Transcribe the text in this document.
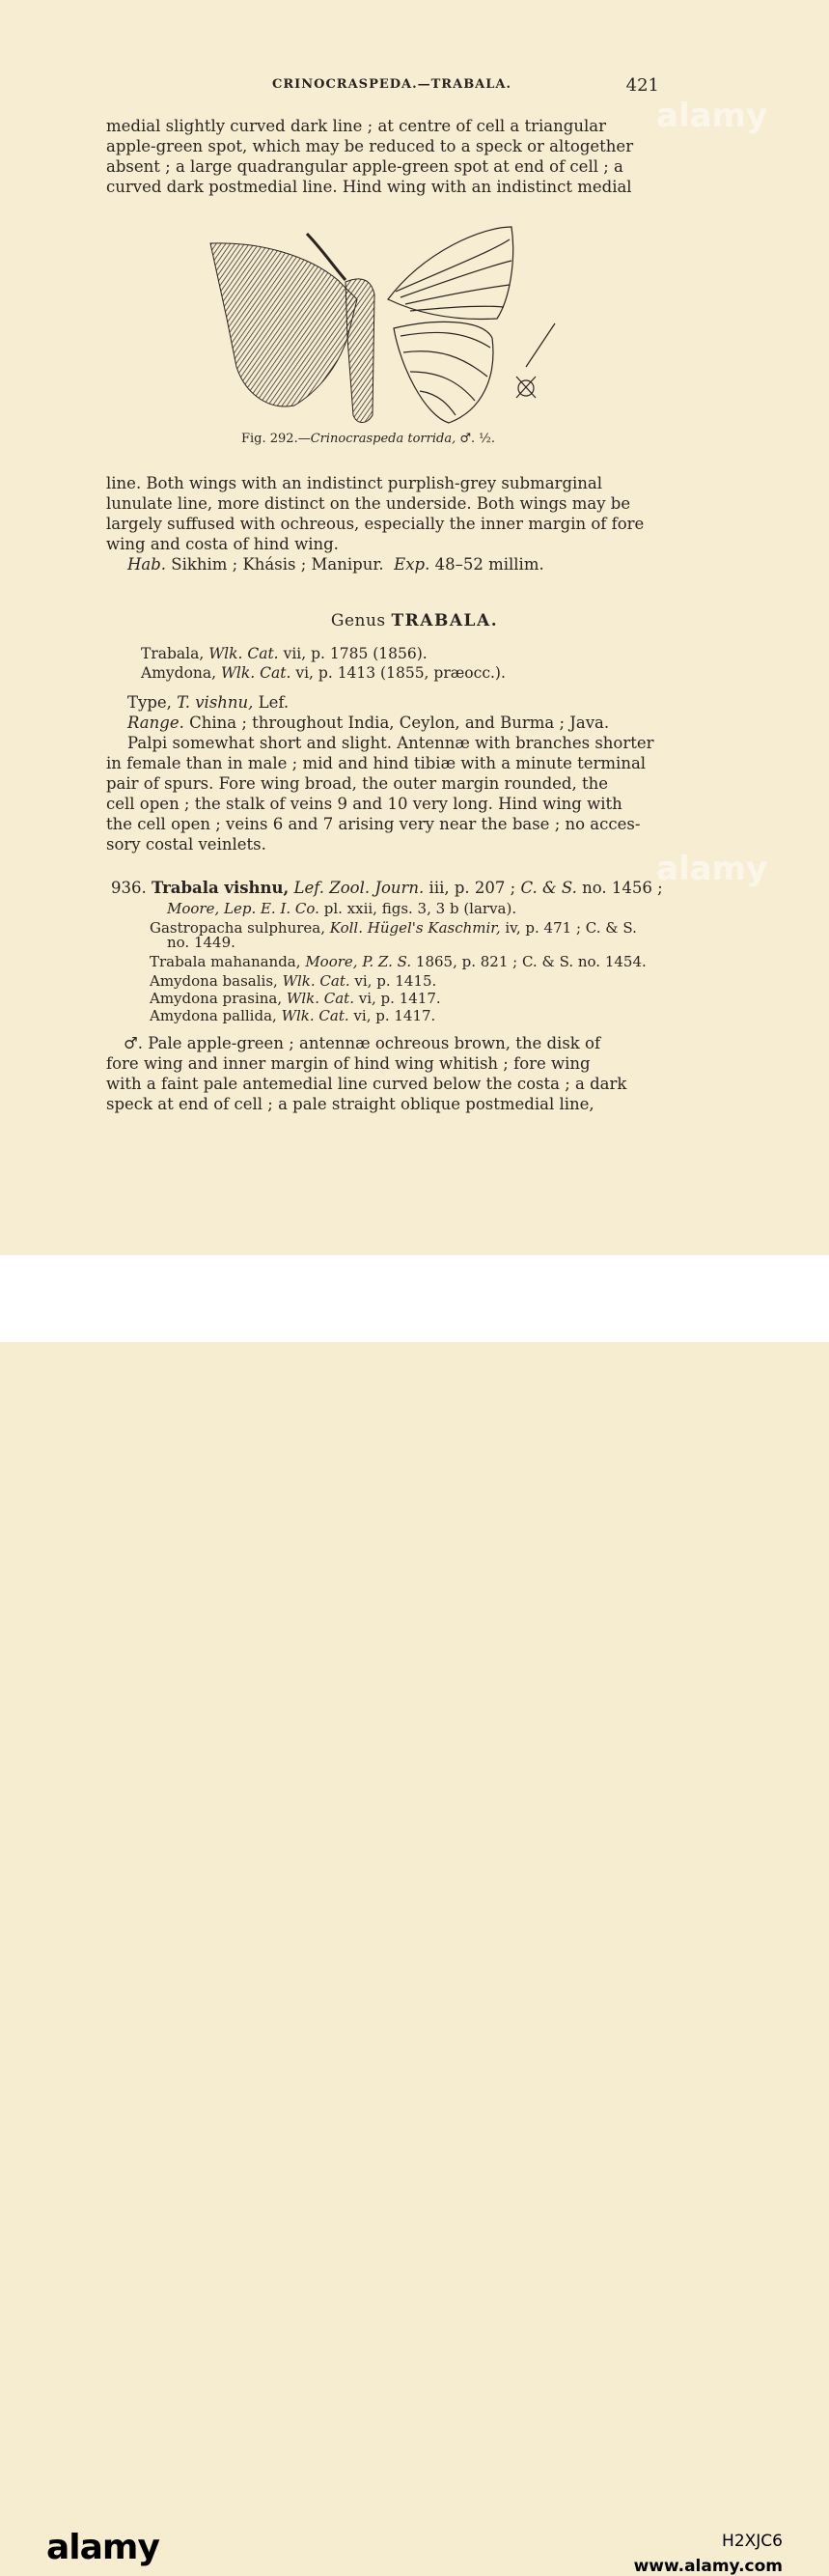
CRINOCRASPEDA.—TRABALA.	421
medial slightly curved dark line ; at centre of cell a triangular
apple-green spot, which may be reduced to a speck or altogether
absent ; a large quadrangular apple-green spot at end of cell ; a
curved dark postmedial line. Hind wing with an indistinct medial
Fig. 292.—Crinocraspeda torrida, ♂. ½.
line. Both wings with an indistinct purplish-grey submarginal
lunulate line, more distinct on the underside. Both wings may be
largely suffused with ochreous, especially the inner margin of fore
wing and costa of hind wing.
Hab. Sikhim ; Khásis ; Manipur. Exp. 48–52 millim.
Genus TRABALA.
Trabala, Wlk. Cat. vii, p. 1785 (1856).
Amydona, Wlk. Cat. vi, p. 1413 (1855, præocc.).
Type, T. vishnu, Lef.
Range. China ; throughout India, Ceylon, and Burma ; Java.
Palpi somewhat short and slight. Antennæ with branches shorter
in female than in male ; mid and hind tibiæ with a minute terminal
pair of spurs. Fore wing broad, the outer margin rounded, the
cell open ; the stalk of veins 9 and 10 very long. Hind wing with
the cell open ; veins 6 and 7 arising very near the base ; no acces-
sory costal veinlets.
936. Trabala vishnu, Lef. Zool. Journ. iii, p. 207 ; C. & S. no. 1456 ;
Moore, Lep. E. I. Co. pl. xxii, figs. 3, 3 b (larva).
Gastropacha sulphurea, Koll. Hügel's Kaschmir, iv, p. 471 ; C. & S.
no. 1449.
Trabala mahananda, Moore, P. Z. S. 1865, p. 821 ; C. & S. no. 1454.
Amydona basalis, Wlk. Cat. vi, p. 1415.
Amydona prasina, Wlk. Cat. vi, p. 1417.
Amydona pallida, Wlk. Cat. vi, p. 1417.
♂. Pale apple-green ; antennæ ochreous brown, the disk of
fore wing and inner margin of hind wing whitish ; fore wing
with a faint pale antemedial line curved below the costa ; a dark
speck at end of cell ; a pale straight oblique postmedial line,
alamy
alamy
alamy	H2XJC6
www.alamy.com
